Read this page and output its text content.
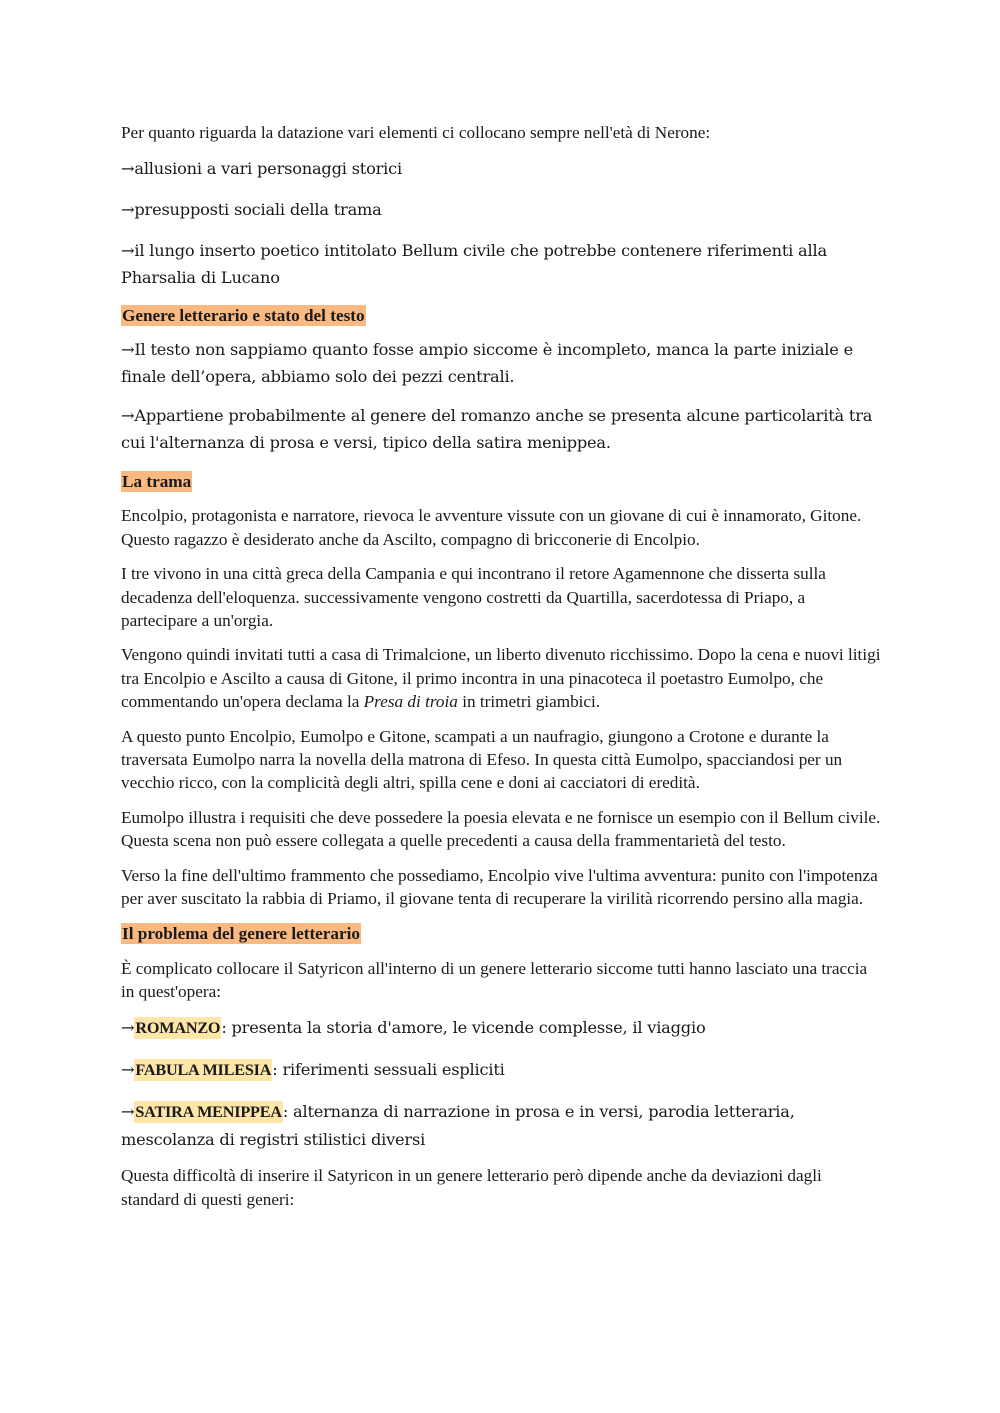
Per quanto riguarda la datazione vari elementi ci collocano sempre nell'età di Nerone:

→allusioni a vari personaggi storici

→presupposti sociali della trama

→il lungo inserto poetico intitolato Bellum civile che potrebbe contenere riferimenti alla Pharsalia di Lucano

Genere letterario e stato del testo

→Il testo non sappiamo quanto fosse ampio siccome è incompleto, manca la parte iniziale e finale dell’opera, abbiamo solo dei pezzi centrali.

→Appartiene probabilmente al genere del romanzo anche se presenta alcune particolarità tra cui l'alternanza di prosa e versi, tipico della satira menippea.

La trama

Encolpio, protagonista e narratore, rievoca le avventure vissute con un giovane di cui è innamorato, Gitone. Questo ragazzo è desiderato anche da Ascilto, compagno di bricconerie di Encolpio.

I tre vivono in una città greca della Campania e qui incontrano il retore Agamennone che disserta sulla decadenza dell'eloquenza. successivamente vengono costretti da Quartilla, sacerdotessa di Priapo, a partecipare a un'orgia.

Vengono quindi invitati tutti a casa di Trimalcione, un liberto divenuto ricchissimo. Dopo la cena e nuovi litigi tra Encolpio e Ascilto a causa di Gitone, il primo incontra in una pinacoteca il poetastro Eumolpo, che commentando un'opera declama la Presa di troia in trimetri giambici.

A questo punto Encolpio, Eumolpo e Gitone, scampati a un naufragio, giungono a Crotone e durante la traversata Eumolpo narra la novella della matrona di Efeso. In questa città Eumolpo, spacciandosi per un vecchio ricco, con la complicità degli altri, spilla cene e doni ai cacciatori di eredità.

Eumolpo illustra i requisiti che deve possedere la poesia elevata e ne fornisce un esempio con il Bellum civile. Questa scena non può essere collegata a quelle precedenti a causa della frammentarietà del testo.

Verso la fine dell'ultimo frammento che possediamo, Encolpio vive l'ultima avventura: punito con l'impotenza per aver suscitato la rabbia di Priamo, il giovane tenta di recuperare la virilità ricorrendo persino alla magia.

Il problema del genere letterario

È complicato collocare il Satyricon all'interno di un genere letterario siccome tutti hanno lasciato una traccia in quest'opera:

→ROMANZO: presenta la storia d'amore, le vicende complesse, il viaggio

→FABULA MILESIA: riferimenti sessuali espliciti

→SATIRA MENIPPEA: alternanza di narrazione in prosa e in versi, parodia letteraria, mescolanza di registri stilistici diversi

Questa difficoltà di inserire il Satyricon in un genere letterario però dipende anche da deviazioni dagli standard di questi generi:
